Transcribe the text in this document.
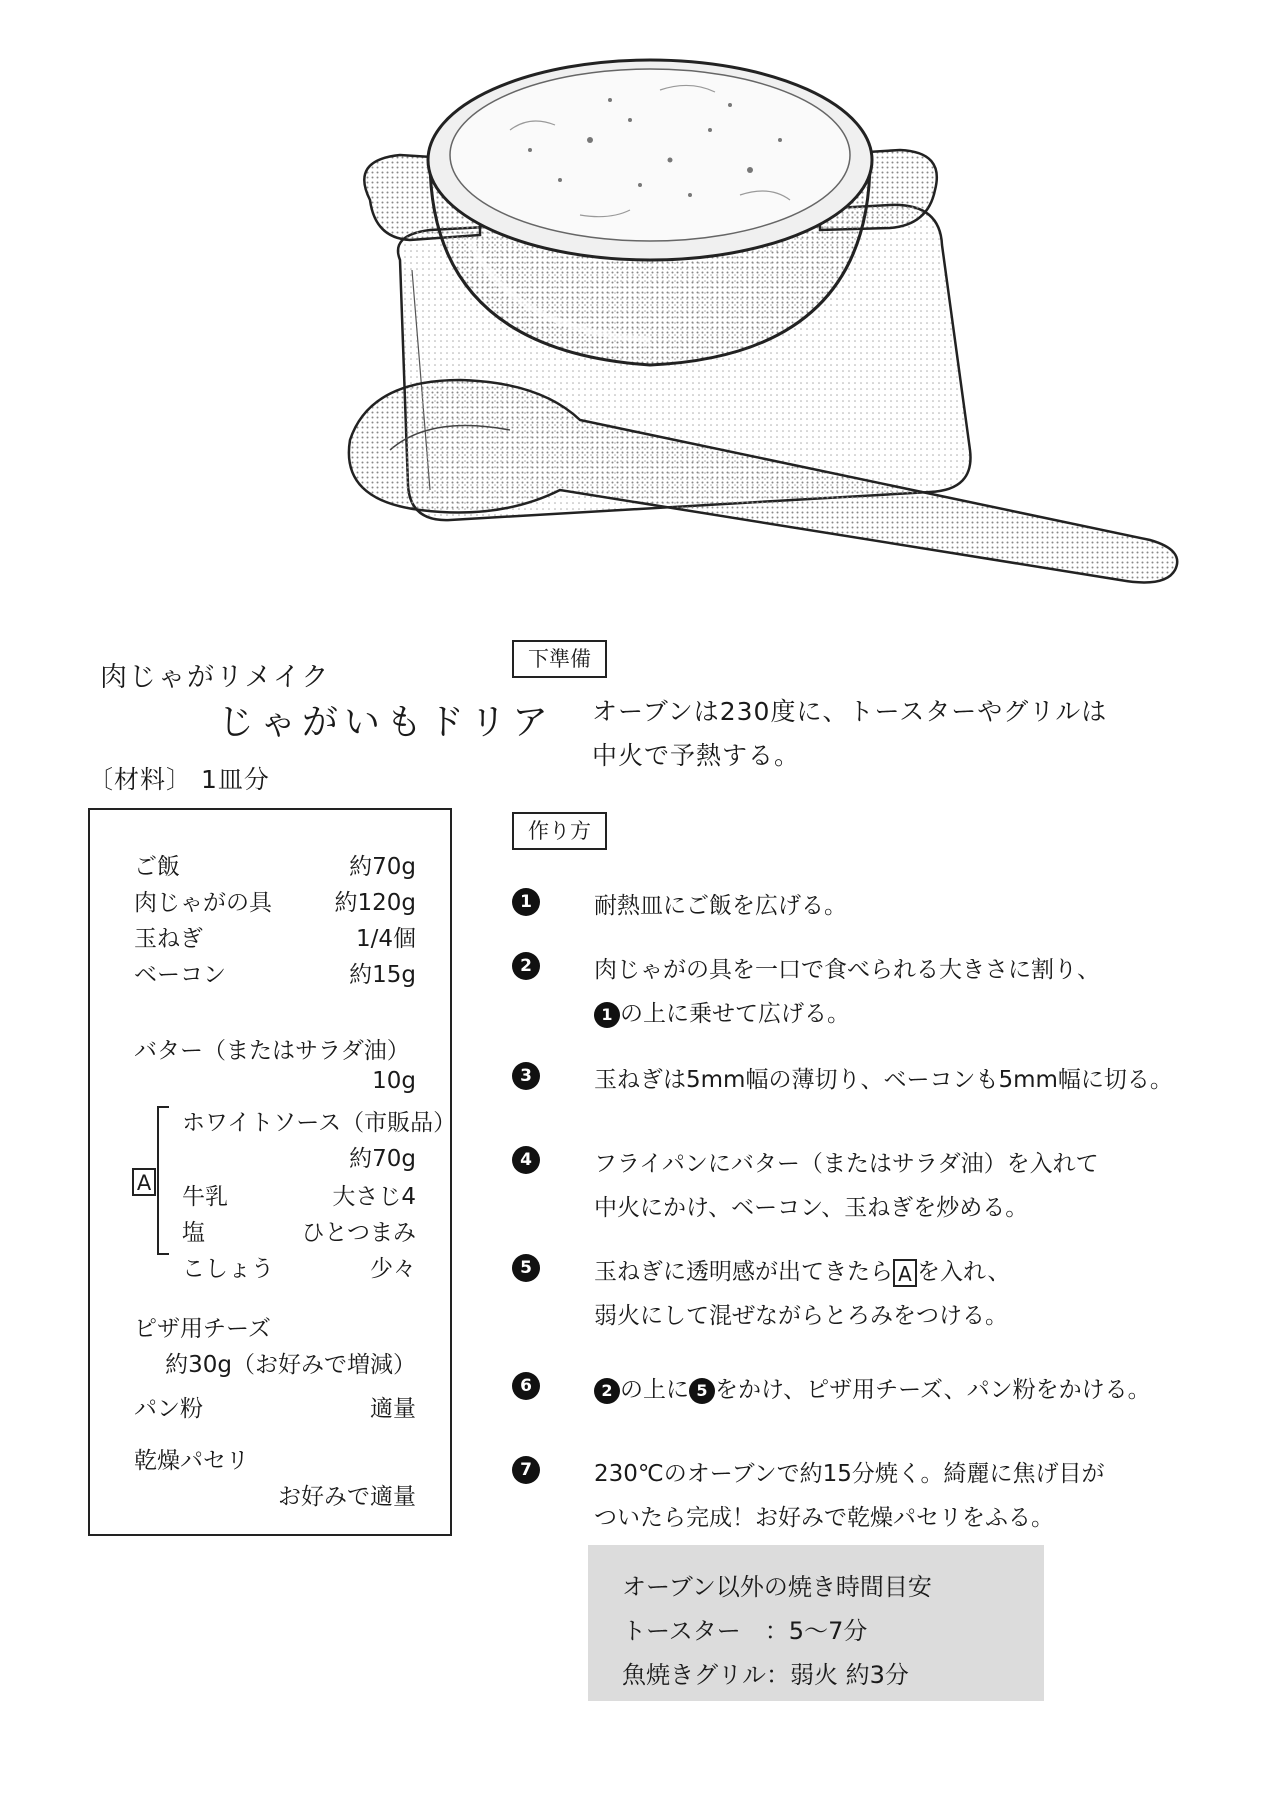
肉じゃがリメイク
じゃがいもドリア
〔材料〕 1皿分
ご飯	約70g
肉じゃがの具	約120g
玉ねぎ	1/4個
ベーコン	約15g
バター（またはサラダ油）
10g
A
ホワイトソース（市販品）
約70g
牛乳	大さじ4
塩	ひとつまみ
こしょう	少々
ピザ用チーズ
約30g（お好みで増減）
パン粉	適量
乾燥パセリ
お好みで適量
下準備
オーブンは230度に、トースターやグリルは
中火で予熱する。
作り方
1	耐熱皿にご飯を広げる。
2	肉じゃがの具を一口で食べられる大きさに割り、
1 の上に乗せて広げる。
3	玉ねぎは5mm幅の薄切り、ベーコンも5mm幅に切る。
4	フライパンにバター（またはサラダ油）を入れて
中火にかけ、ベーコン、玉ねぎを炒める。
5	玉ねぎに透明感が出てきたら A を入れ、
弱火にして混ぜながらとろみをつける。
6	2 の上に 5 をかけ、ピザ用チーズ、パン粉をかける。
7	230℃のオーブンで約15分焼く。綺麗に焦げ目が
ついたら完成！お好みで乾燥パセリをふる。
オーブン以外の焼き時間目安
トースター　：5〜7分
魚焼きグリル：弱火 約3分
